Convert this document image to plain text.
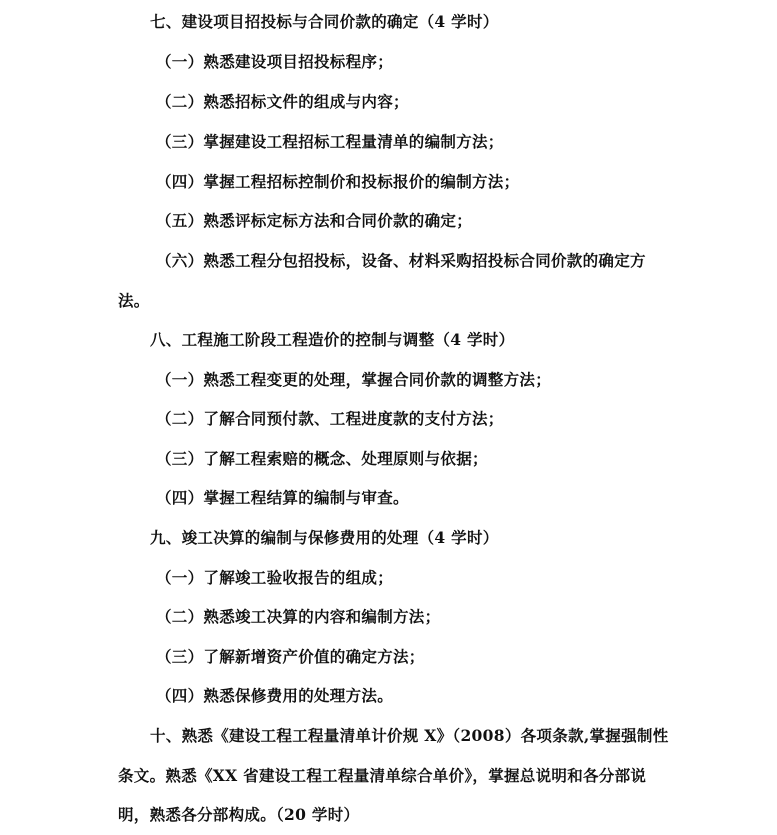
七、建设项目招投标与合同价款的确定（4 学时）
（一）熟悉建设项目招投标程序；
（二）熟悉招标文件的组成与内容；
（三）掌握建设工程招标工程量清单的编制方法；
（四）掌握工程招标控制价和投标报价的编制方法；
（五）熟悉评标定标方法和合同价款的确定；
（六）熟悉工程分包招投标，设备、材料采购招投标合同价款的确定方
法。
八、工程施工阶段工程造价的控制与调整（4 学时）
（一）熟悉工程变更的处理，掌握合同价款的调整方法；
（二）了解合同预付款、工程进度款的支付方法；
（三）了解工程索赔的概念、处理原则与依据；
（四）掌握工程结算的编制与审查。
九、竣工决算的编制与保修费用的处理（4 学时）
（一）了解竣工验收报告的组成；
（二）熟悉竣工决算的内容和编制方法；
（三）了解新增资产价值的确定方法；
（四）熟悉保修费用的处理方法。
十、熟悉《建设工程工程量清单计价规 X》（2008）各项条款,掌握强制性
条文。熟悉《XX 省建设工程工程量清单综合单价》，掌握总说明和各分部说
明，熟悉各分部构成。（20 学时）
